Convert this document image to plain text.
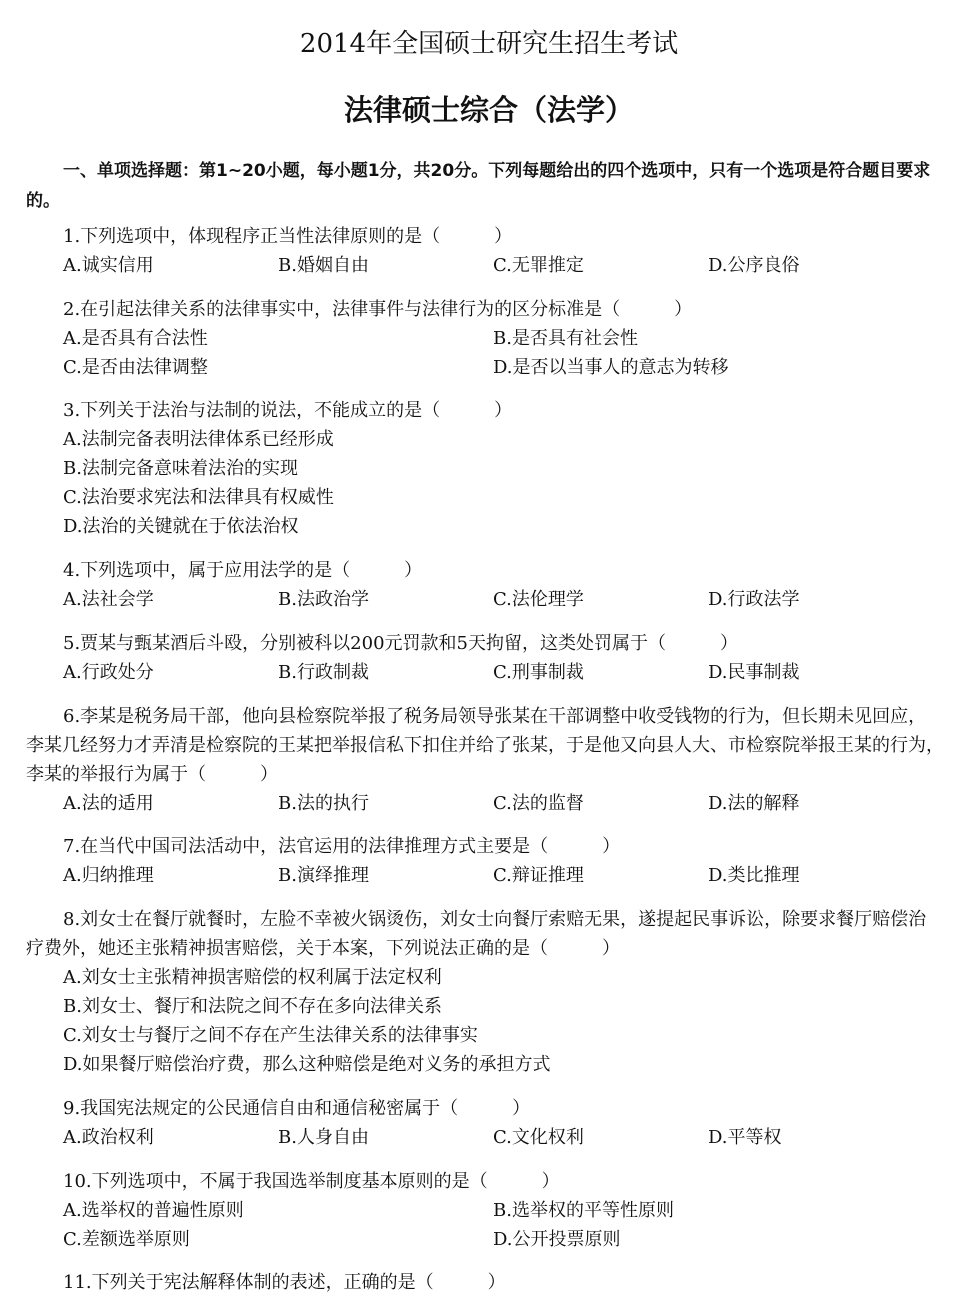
2014年全国硕士研究生招生考试
法律硕士综合（法学）
一、单项选择题：第1~20小题，每小题1分，共20分。下列每题给出的四个选项中，只有一个选项是符合题目要求的。
1.下列选项中，体现程序正当性法律原则的是（　　　）
A.诚实信用	B.婚姻自由	C.无罪推定	D.公序良俗
2.在引起法律关系的法律事实中，法律事件与法律行为的区分标准是（　　　）
A.是否具有合法性	B.是否具有社会性
C.是否由法律调整	D.是否以当事人的意志为转移
3.下列关于法治与法制的说法，不能成立的是（　　　）
A.法制完备表明法律体系已经形成
B.法制完备意味着法治的实现
C.法治要求宪法和法律具有权威性
D.法治的关键就在于依法治权
4.下列选项中，属于应用法学的是（　　　）
A.法社会学	B.法政治学	C.法伦理学	D.行政法学
5.贾某与甄某酒后斗殴，分别被科以200元罚款和5天拘留，这类处罚属于（　　　）
A.行政处分	B.行政制裁	C.刑事制裁	D.民事制裁
6.李某是税务局干部，他向县检察院举报了税务局领导张某在干部调整中收受钱物的行为，但长期未见回应，李某几经努力才弄清是检察院的王某把举报信私下扣住并给了张某，于是他又向县人大、市检察院举报王某的行为，李某的举报行为属于（　　　）
A.法的适用	B.法的执行	C.法的监督	D.法的解释
7.在当代中国司法活动中，法官运用的法律推理方式主要是（　　　）
A.归纳推理	B.演绎推理	C.辩证推理	D.类比推理
8.刘女士在餐厅就餐时，左脸不幸被火锅烫伤，刘女士向餐厅索赔无果，遂提起民事诉讼，除要求餐厅赔偿治疗费外，她还主张精神损害赔偿，关于本案，下列说法正确的是（　　　）
A.刘女士主张精神损害赔偿的权利属于法定权利
B.刘女士、餐厅和法院之间不存在多向法律关系
C.刘女士与餐厅之间不存在产生法律关系的法律事实
D.如果餐厅赔偿治疗费，那么这种赔偿是绝对义务的承担方式
9.我国宪法规定的公民通信自由和通信秘密属于（　　　）
A.政治权利	B.人身自由	C.文化权利	D.平等权
10.下列选项中，不属于我国选举制度基本原则的是（　　　）
A.选举权的普遍性原则	B.选举权的平等性原则
C.差额选举原则	D.公开投票原则
11.下列关于宪法解释体制的表述，正确的是（　　　）
